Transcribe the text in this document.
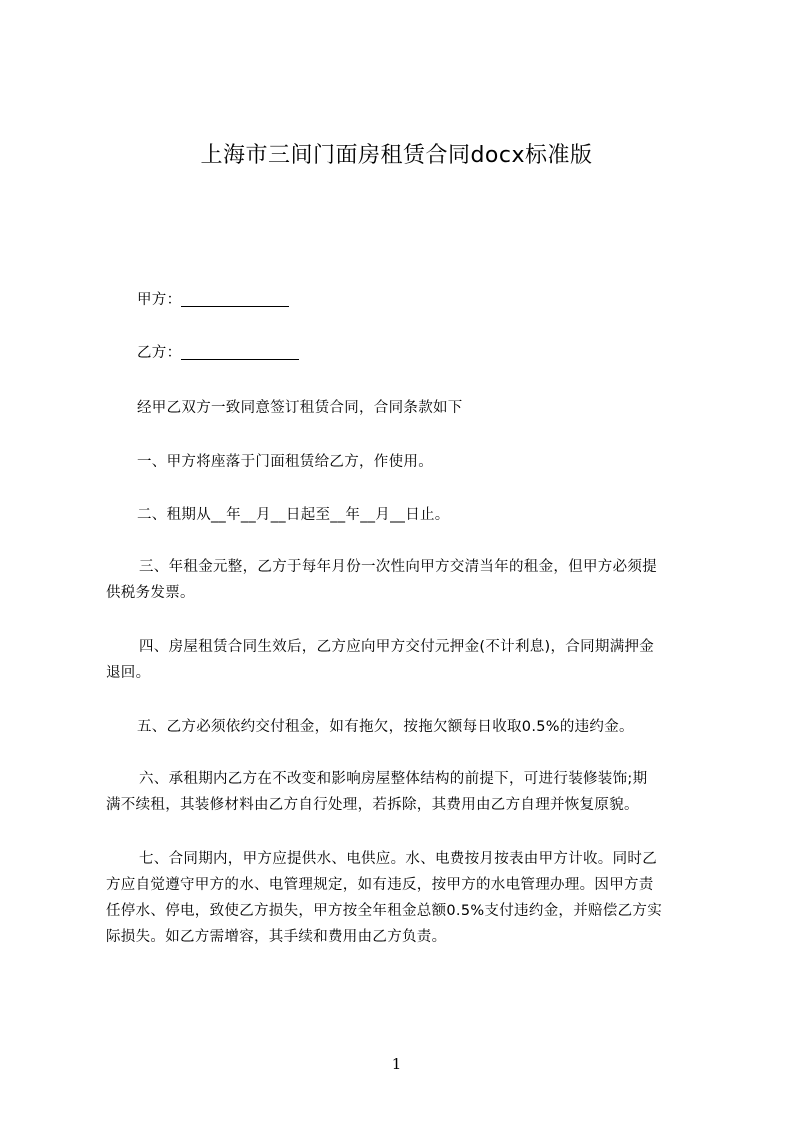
上海市三间门面房租赁合同docx标准版
甲方：
乙方：
经甲乙双方一致同意签订租赁合同，合同条款如下
一、甲方将座落于门面租赁给乙方，作使用。
二、租期从__年__月__日起至__年__月__日止。
三、年租金元整，乙方于每年月份一次性向甲方交清当年的租金，但甲方必须提
供税务发票。
四、房屋租赁合同生效后，乙方应向甲方交付元押金(不计利息)，合同期满押金
退回。
五、乙方必须依约交付租金，如有拖欠，按拖欠额每日收取0.5%的违约金。
六、承租期内乙方在不改变和影响房屋整体结构的前提下，可进行装修装饰;期
满不续租，其装修材料由乙方自行处理，若拆除，其费用由乙方自理并恢复原貌。
七、合同期内，甲方应提供水、电供应。水、电费按月按表由甲方计收。同时乙
方应自觉遵守甲方的水、电管理规定，如有违反，按甲方的水电管理办理。因甲方责
任停水、停电，致使乙方损失，甲方按全年租金总额0.5%支付违约金，并赔偿乙方实
际损失。如乙方需增容，其手续和费用由乙方负责。
1
